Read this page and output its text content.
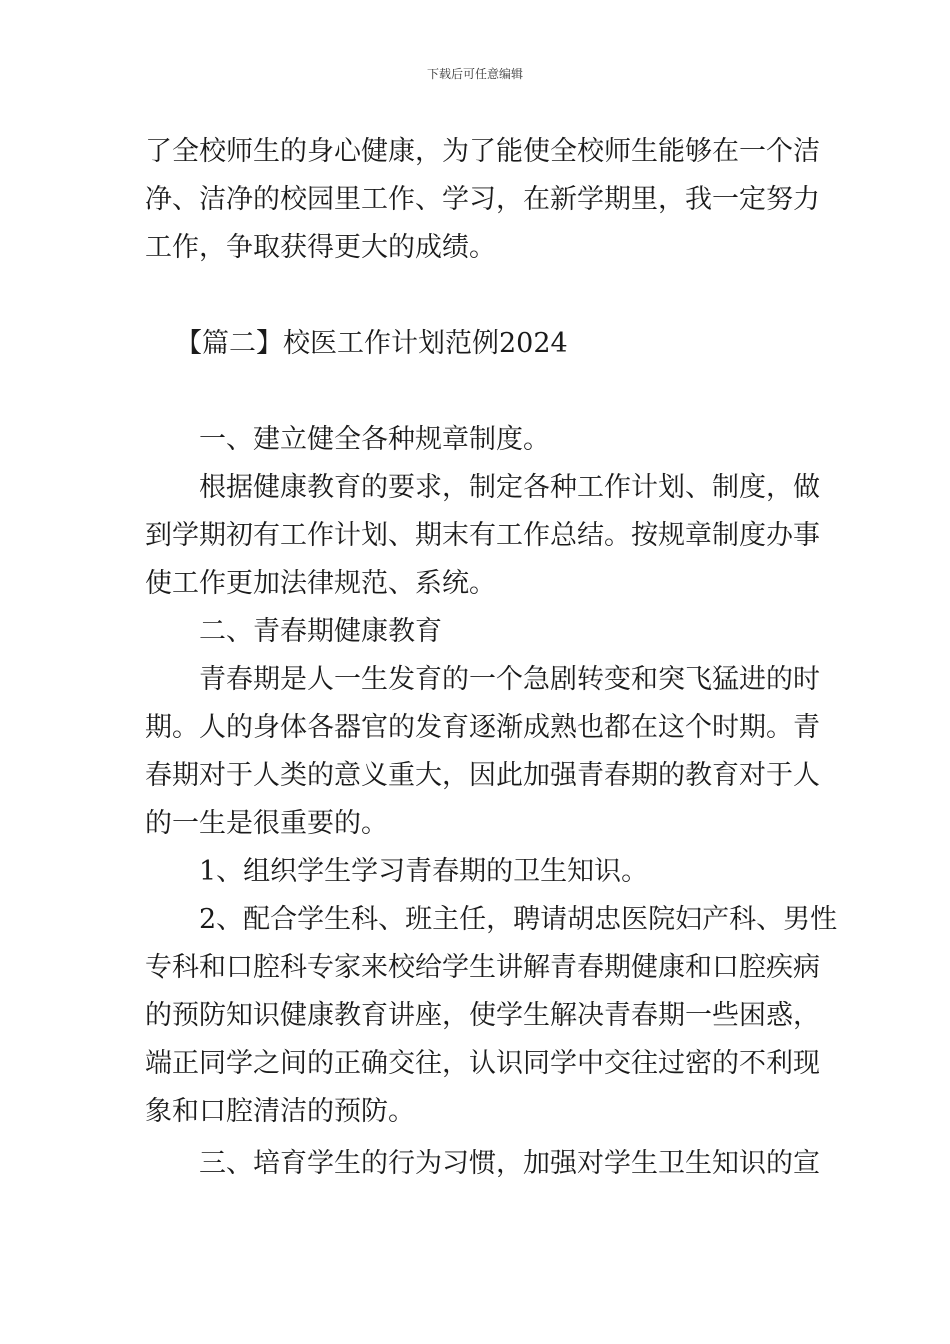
下载后可任意编辑
了全校师生的身心健康，为了能使全校师生能够在一个洁
净、洁净的校园里工作、学习，在新学期里，我一定努力
工作，争取获得更大的成绩。
【篇二】校医工作计划范例2024
一、建立健全各种规章制度。
根据健康教育的要求，制定各种工作计划、制度，做
到学期初有工作计划、期末有工作总结。按规章制度办事
使工作更加法律规范、系统。
二、青春期健康教育
青春期是人一生发育的一个急剧转变和突飞猛进的时
期。人的身体各器官的发育逐渐成熟也都在这个时期。青
春期对于人类的意义重大，因此加强青春期的教育对于人
的一生是很重要的。
1、组织学生学习青春期的卫生知识。
2、配合学生科、班主任，聘请胡忠医院妇产科、男性
专科和口腔科专家来校给学生讲解青春期健康和口腔疾病
的预防知识健康教育讲座，使学生解决青春期一些困惑，
端正同学之间的正确交往，认识同学中交往过密的不利现
象和口腔清洁的预防。
三、培育学生的行为习惯，加强对学生卫生知识的宣
